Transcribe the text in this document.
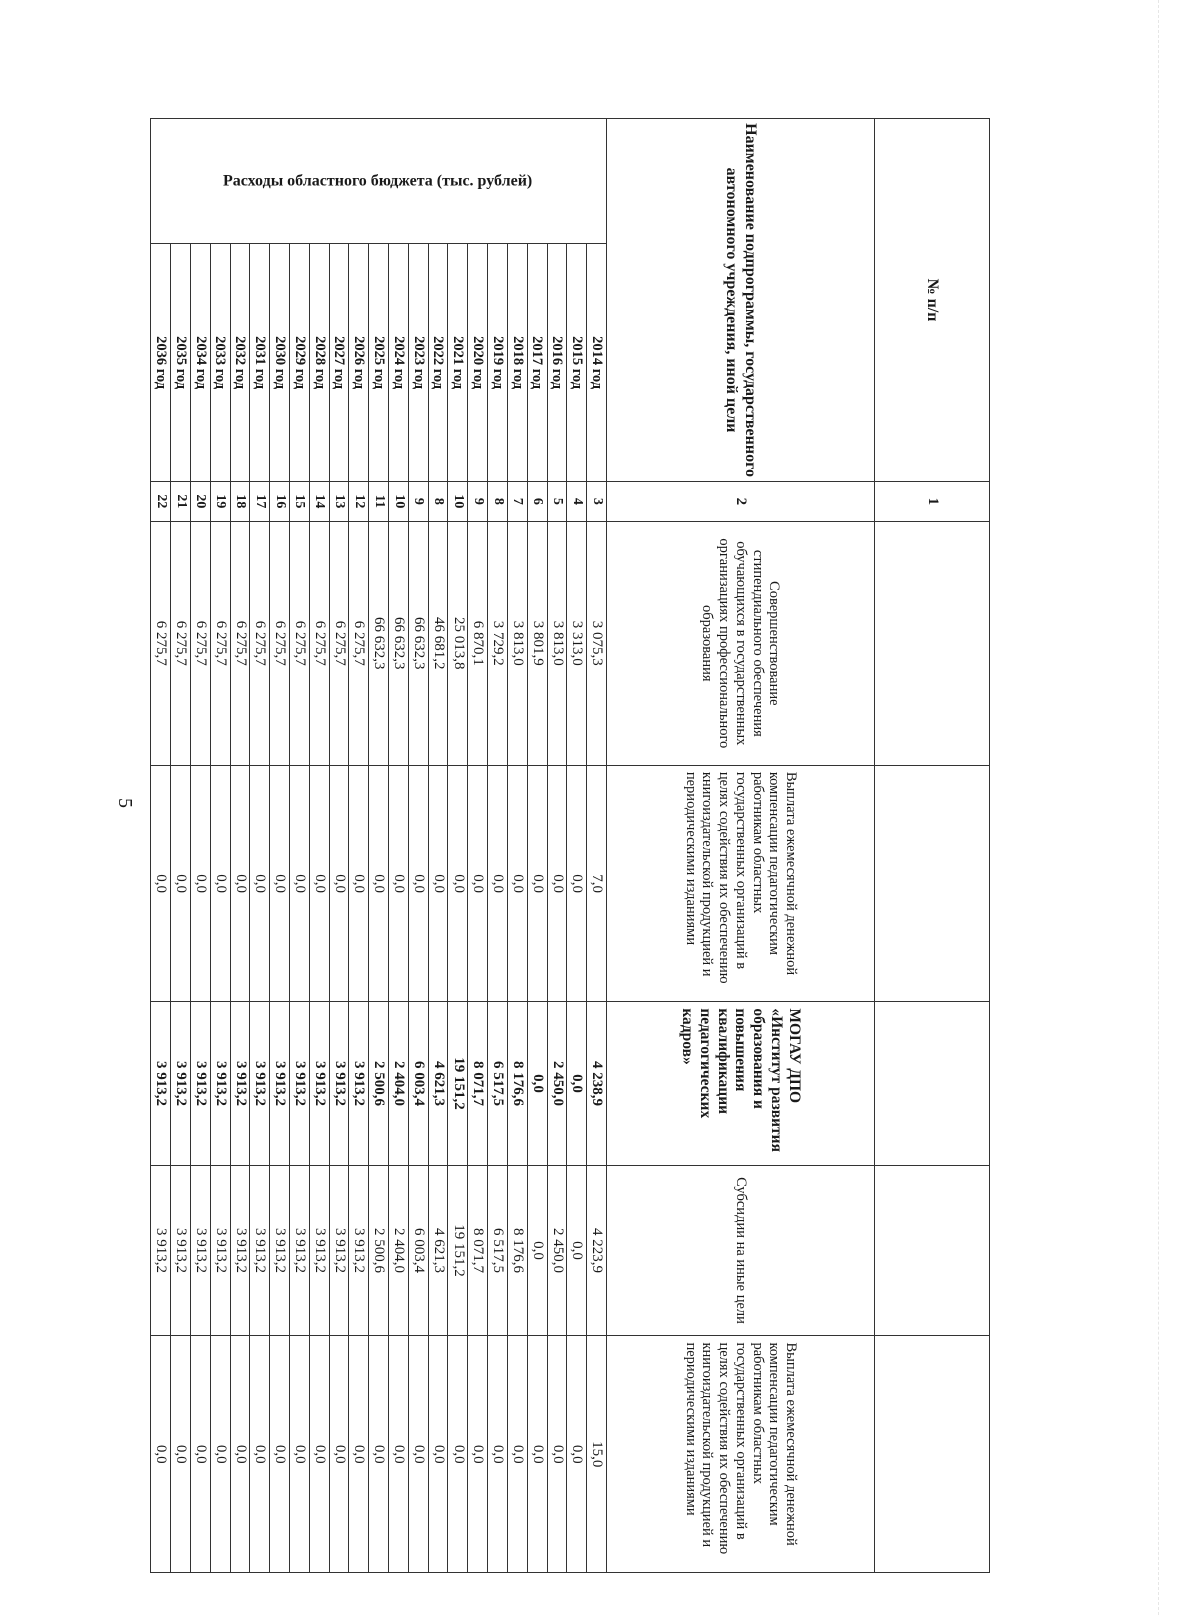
5
№ п/п		1					
Наименование подпрограммы, государственного автономного учреждения, иной цели		2	Совершенствование стипендиального обеспечения обучающихся в государственных организациях профессионального образования	Выплата ежемесячной денежной компенсации педагогическим работникам областных государственных организаций в целях содействия их обеспечению книгоиздательской продукцией и периодическими изданиями	МОГАУ ДПО «Институт развития образования и повышения квалификации педагогических кадров»	Субсидии на иные цели	Выплата ежемесячной денежной компенсации педагогическим работникам областных государственных организаций в целях содействия их обеспечению книгоиздательской продукцией и периодическими изданиями
Расходы областного бюджета (тыс. рублей)	2014 год	3	3 075,3	7,0	4 238,9	4 223,9	15,0
	2015 год	4	3 313,0	0,0	0,0	0,0	0,0
	2016 год	5	3 813,0	0,0	2 450,0	2 450,0	0,0
	2017 год	6	3 801,9	0,0	0,0	0,0	0,0
	2018 год	7	3 813,0	0,0	8 176,6	8 176,6	0,0
	2019 год	8	3 729,2	0,0	6 517,5	6 517,5	0,0
	2020 год	9	6 870,1	0,0	8 071,7	8 071,7	0,0
	2021 год	10	25 013,8	0,0	19 151,2	19 151,2	0,0
	2022 год	8	46 681,2	0,0	4 621,3	4 621,3	0,0
	2023 год	9	66 632,3	0,0	6 003,4	6 003,4	0,0
	2024 год	10	66 632,3	0,0	2 404,0	2 404,0	0,0
	2025 год	11	66 632,3	0,0	2 500,6	2 500,6	0,0
	2026 год	12	6 275,7	0,0	3 913,2	3 913,2	0,0
	2027 год	13	6 275,7	0,0	3 913,2	3 913,2	0,0
	2028 год	14	6 275,7	0,0	3 913,2	3 913,2	0,0
	2029 год	15	6 275,7	0,0	3 913,2	3 913,2	0,0
	2030 год	16	6 275,7	0,0	3 913,2	3 913,2	0,0
	2031 год	17	6 275,7	0,0	3 913,2	3 913,2	0,0
	2032 год	18	6 275,7	0,0	3 913,2	3 913,2	0,0
	2033 год	19	6 275,7	0,0	3 913,2	3 913,2	0,0
	2034 год	20	6 275,7	0,0	3 913,2	3 913,2	0,0
	2035 год	21	6 275,7	0,0	3 913,2	3 913,2	0,0
	2036 год	22	6 275,7	0,0	3 913,2	3 913,2	0,0
